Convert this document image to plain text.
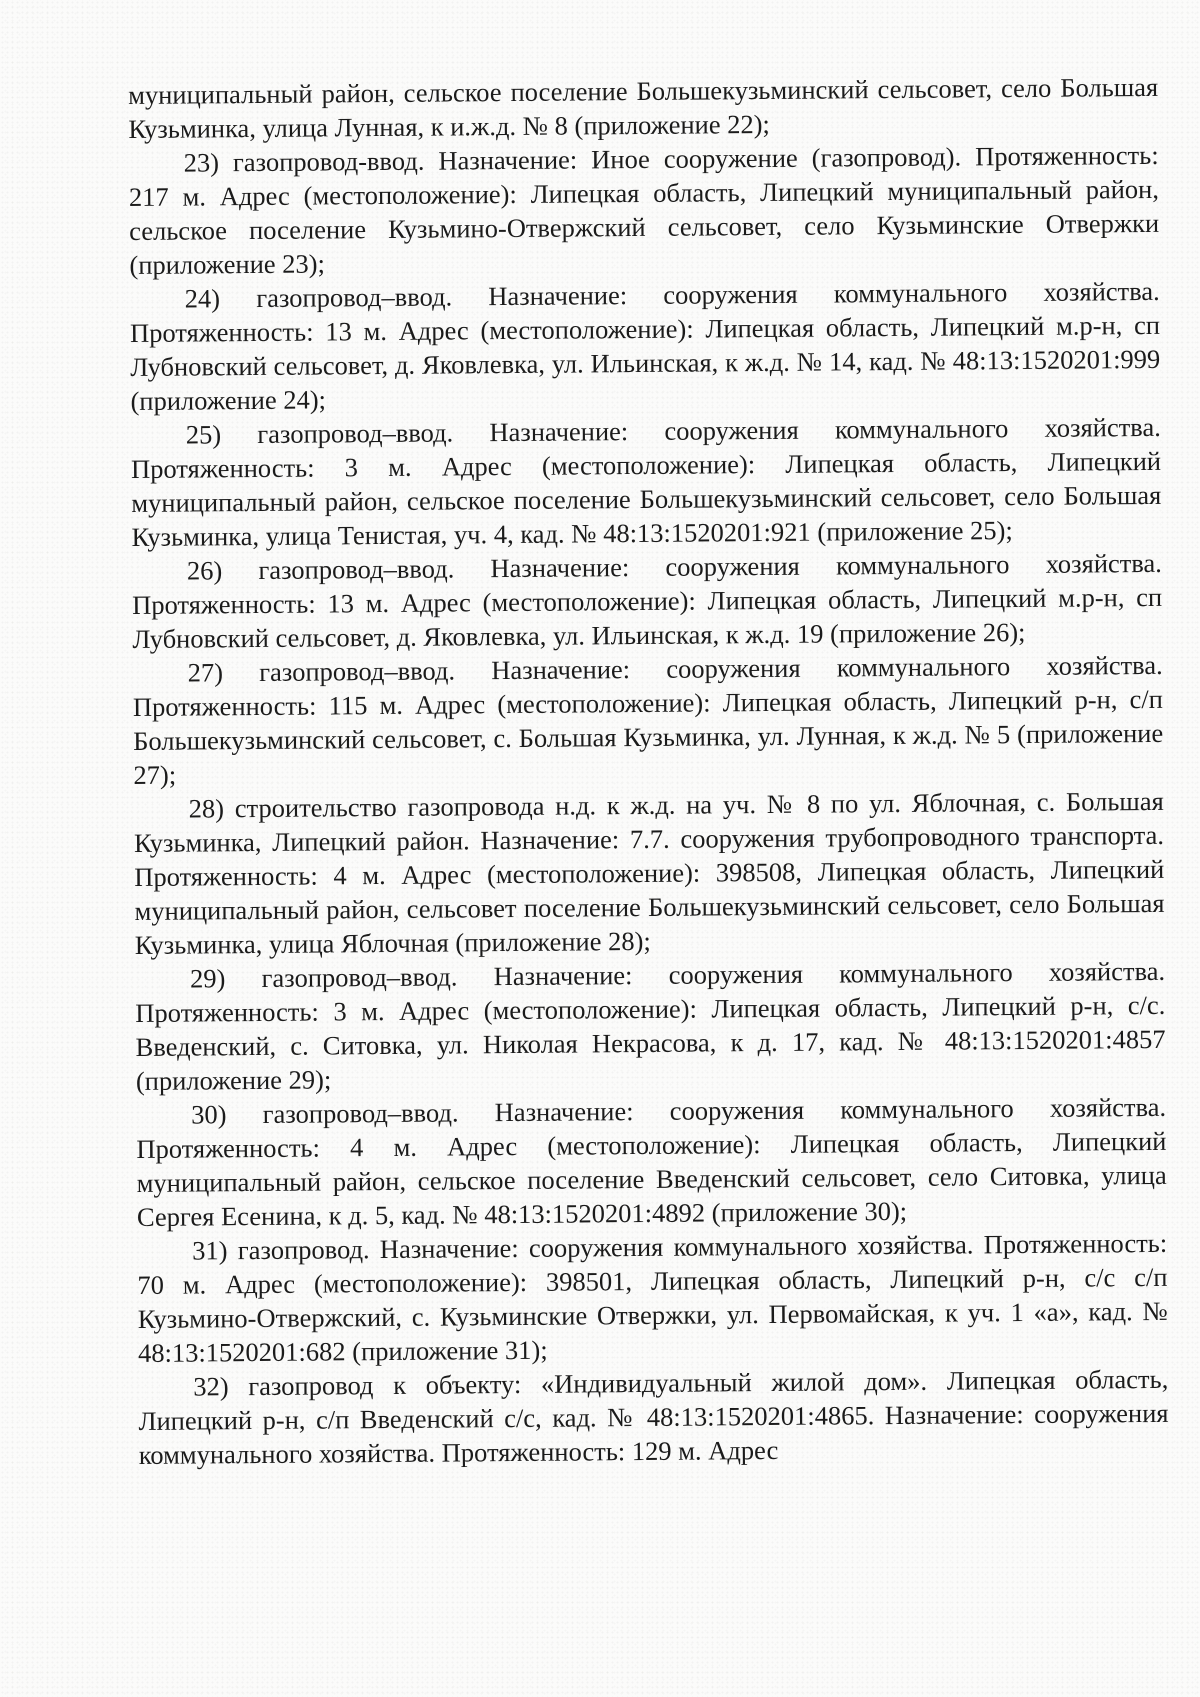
муниципальный район, сельское поселение Большекузьминский сельсовет, село Большая Кузьминка, улица Лунная, к и.ж.д. № 8 (приложение 22);

23) газопровод-ввод. Назначение: Иное сооружение (газопровод). Протяженность: 217 м. Адрес (местоположение): Липецкая область, Липецкий муниципальный район, сельское поселение Кузьмино-Отвержский сельсовет, село Кузьминские Отвержки (приложение 23);

24) газопровод–ввод. Назначение: сооружения коммунального хозяйства. Протяженность: 13 м. Адрес (местоположение): Липецкая область, Липецкий м.р-н, сп Лубновский сельсовет, д. Яковлевка, ул. Ильинская, к ж.д. № 14, кад. № 48:13:1520201:999 (приложение 24);

25) газопровод–ввод. Назначение: сооружения коммунального хозяйства. Протяженность: 3 м. Адрес (местоположение): Липецкая область, Липецкий муниципальный район, сельское поселение Большекузьминский сельсовет, село Большая Кузьминка, улица Тенистая, уч. 4, кад. № 48:13:1520201:921 (приложение 25);

26) газопровод–ввод. Назначение: сооружения коммунального хозяйства. Протяженность: 13 м. Адрес (местоположение): Липецкая область, Липецкий м.р-н, сп Лубновский сельсовет, д. Яковлевка, ул. Ильинская, к ж.д. 19 (приложение 26);

27) газопровод–ввод. Назначение: сооружения коммунального хозяйства. Протяженность: 115 м. Адрес (местоположение): Липецкая область, Липецкий р-н, с/п Большекузьминский сельсовет, с. Большая Кузьминка, ул. Лунная, к ж.д. № 5 (приложение 27);

28) строительство газопровода н.д. к ж.д. на уч. № 8 по ул. Яблочная, с. Большая Кузьминка, Липецкий район. Назначение: 7.7. сооружения трубопроводного транспорта. Протяженность: 4 м. Адрес (местоположение): 398508, Липецкая область, Липецкий муниципальный район, сельсовет поселение Большекузьминский сельсовет, село Большая Кузьминка, улица Яблочная (приложение 28);

29) газопровод–ввод. Назначение: сооружения коммунального хозяйства. Протяженность: 3 м. Адрес (местоположение): Липецкая область, Липецкий р-н, с/с. Введенский, с. Ситовка, ул. Николая Некрасова, к д. 17, кад. № 48:13:1520201:4857 (приложение 29);

30) газопровод–ввод. Назначение: сооружения коммунального хозяйства. Протяженность: 4 м. Адрес (местоположение): Липецкая область, Липецкий муниципальный район, сельское поселение Введенский сельсовет, село Ситовка, улица Сергея Есенина, к д. 5, кад. № 48:13:1520201:4892 (приложение 30);

31) газопровод. Назначение: сооружения коммунального хозяйства. Протяженность: 70 м. Адрес (местоположение): 398501, Липецкая область, Липецкий р-н, с/с с/п Кузьмино-Отвержский, с. Кузьминские Отвержки, ул. Первомайская, к уч. 1 «а», кад. № 48:13:1520201:682 (приложение 31);

32) газопровод к объекту: «Индивидуальный жилой дом». Липецкая область, Липецкий р-н, с/п Введенский с/с, кад. № 48:13:1520201:4865. Назначение: сооружения коммунального хозяйства. Протяженность: 129 м. Адрес
